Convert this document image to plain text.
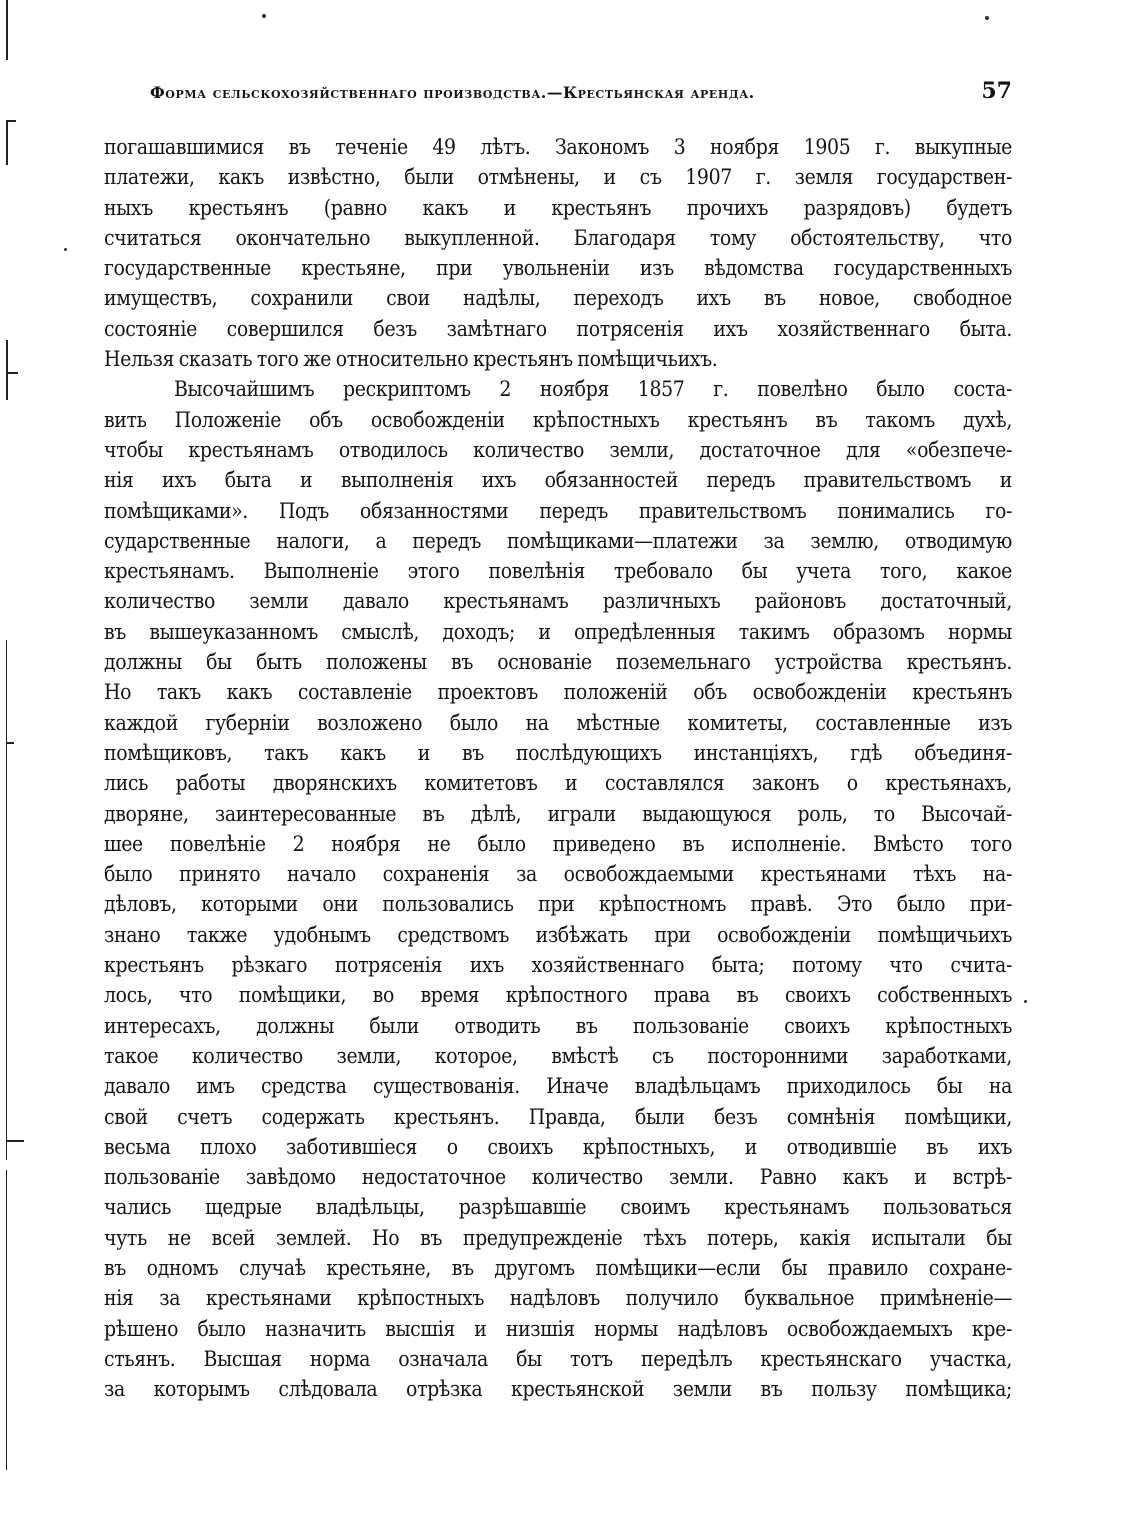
Форма сельскохозяйственнаго производства.—Крестьянская аренда.	57
погашавшимися въ теченіе 49 лѣтъ. Закономъ 3 ноября 1905 г. выкупные
платежи, какъ извѣстно, были отмѣнены, и съ 1907 г. земля государствен-
ныхъ крестьянъ (равно какъ и крестьянъ прочихъ разрядовъ) будетъ
считаться окончательно выкупленной. Благодаря тому обстоятельству, что
государственные крестьяне, при увольненіи изъ вѣдомства государственныхъ
имуществъ, сохранили свои надѣлы, переходъ ихъ въ новое, свободное
состояніе совершился безъ замѣтнаго потрясенія ихъ хозяйственнаго быта.
Нельзя сказать того же относительно крестьянъ помѣщичьихъ.
Высочайшимъ рескриптомъ 2 ноября 1857 г. повелѣно было соста-
вить Положеніе объ освобожденіи крѣпостныхъ крестьянъ въ такомъ духѣ,
чтобы крестьянамъ отводилось количество земли, достаточное для «обезпече-
нія ихъ быта и выполненія ихъ обязанностей передъ правительствомъ и
помѣщиками». Подъ обязанностями передъ правительствомъ понимались го-
сударственные налоги, а передъ помѣщиками—платежи за землю, отводимую
крестьянамъ. Выполненіе этого повелѣнія требовало бы учета того, какое
количество земли давало крестьянамъ различныхъ районовъ достаточный,
въ вышеуказанномъ смыслѣ, доходъ; и опредѣленныя такимъ образомъ нормы
должны бы быть положены въ основаніе поземельнаго устройства крестьянъ.
Но такъ какъ составленіе проектовъ положеній объ освобожденіи крестьянъ
каждой губерніи возложено было на мѣстные комитеты, составленные изъ
помѣщиковъ, такъ какъ и въ послѣдующихъ инстанціяхъ, гдѣ объединя-
лись работы дворянскихъ комитетовъ и составлялся законъ о крестьянахъ,
дворяне, заинтересованные въ дѣлѣ, играли выдающуюся роль, то Высочай-
шее повелѣніе 2 ноября не было приведено въ исполненіе. Вмѣсто того
было принято начало сохраненія за освобождаемыми крестьянами тѣхъ на-
дѣловъ, которыми они пользовались при крѣпостномъ правѣ. Это было при-
знано также удобнымъ средствомъ избѣжать при освобожденіи помѣщичьихъ
крестьянъ рѣзкаго потрясенія ихъ хозяйственнаго быта; потому что счита-
лось, что помѣщики, во время крѣпостного права въ своихъ собственныхъ
интересахъ, должны были отводить въ пользованіе своихъ крѣпостныхъ
такое количество земли, которое, вмѣстѣ съ посторонними заработками,
давало имъ средства существованія. Иначе владѣльцамъ приходилось бы на
свой счетъ содержать крестьянъ. Правда, были безъ сомнѣнія помѣщики,
весьма плохо заботившіеся о своихъ крѣпостныхъ, и отводившіе въ ихъ
пользованіе завѣдомо недостаточное количество земли. Равно какъ и встрѣ-
чались щедрые владѣльцы, разрѣшавшіе своимъ крестьянамъ пользоваться
чуть не всей землей. Но въ предупрежденіе тѣхъ потерь, какія испытали бы
въ одномъ случаѣ крестьяне, въ другомъ помѣщики—если бы правило сохране-
нія за крестьянами крѣпостныхъ надѣловъ получило буквальное примѣненіе—
рѣшено было назначить высшія и низшія нормы надѣловъ освобождаемыхъ кре-
стьянъ. Высшая норма означала бы тотъ передѣлъ крестьянскаго участка,
за которымъ слѣдовала отрѣзка крестьянской земли въ пользу помѣщика;
